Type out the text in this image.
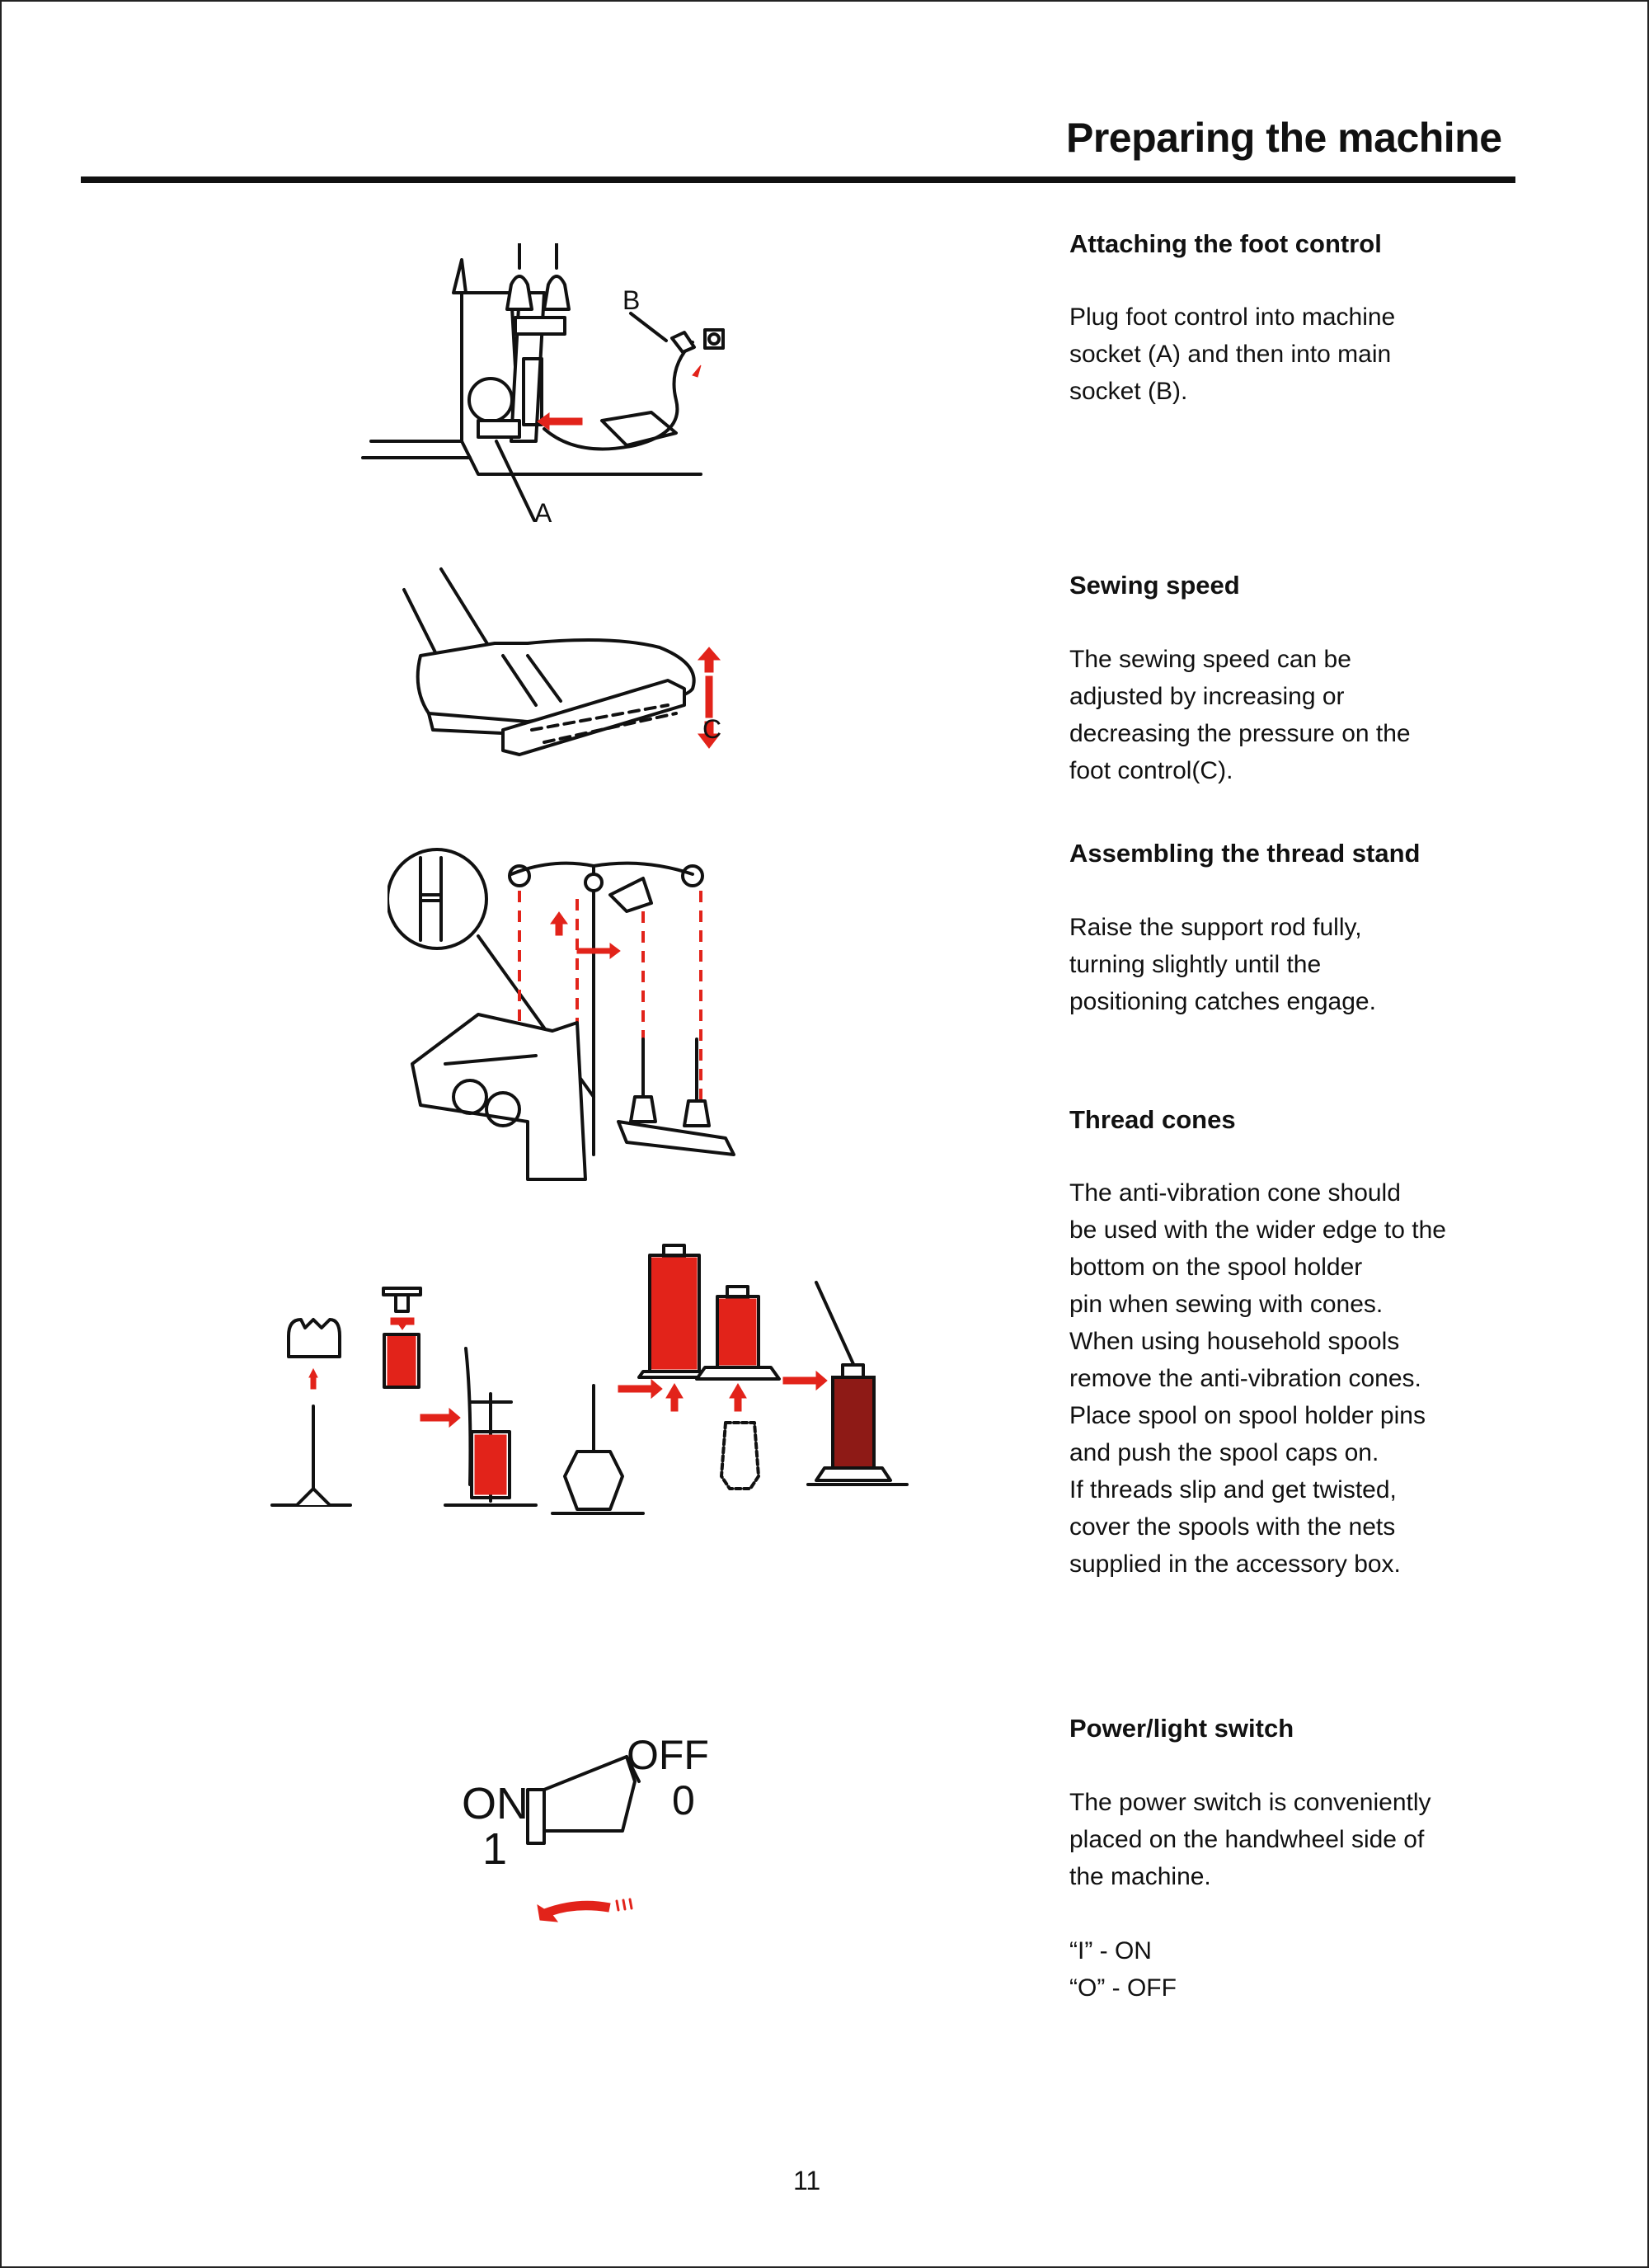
Preparing the machine
Attaching the foot control

Plug foot control into machine
socket (A) and then into main
socket (B).

Sewing speed

The sewing speed can be
adjusted by increasing or
decreasing the pressure on the
foot control(C).

Assembling the thread stand

Raise the support rod fully,
turning slightly until the
positioning catches engage.

Thread cones

The anti-vibration cone should
be used with the wider edge to the
bottom on the spool holder
pin when sewing with cones.
When using household spools
remove the anti-vibration cones.
Place spool on spool holder pins
and push the spool caps on.
If threads slip and get twisted,
cover the spools with the nets
supplied in the accessory box.

Power/light switch

The power switch is conveniently
placed on the handwheel side of
the machine.

“I” - ON
“O” - OFF

B
A
C
ON
1
OFF
0
11
